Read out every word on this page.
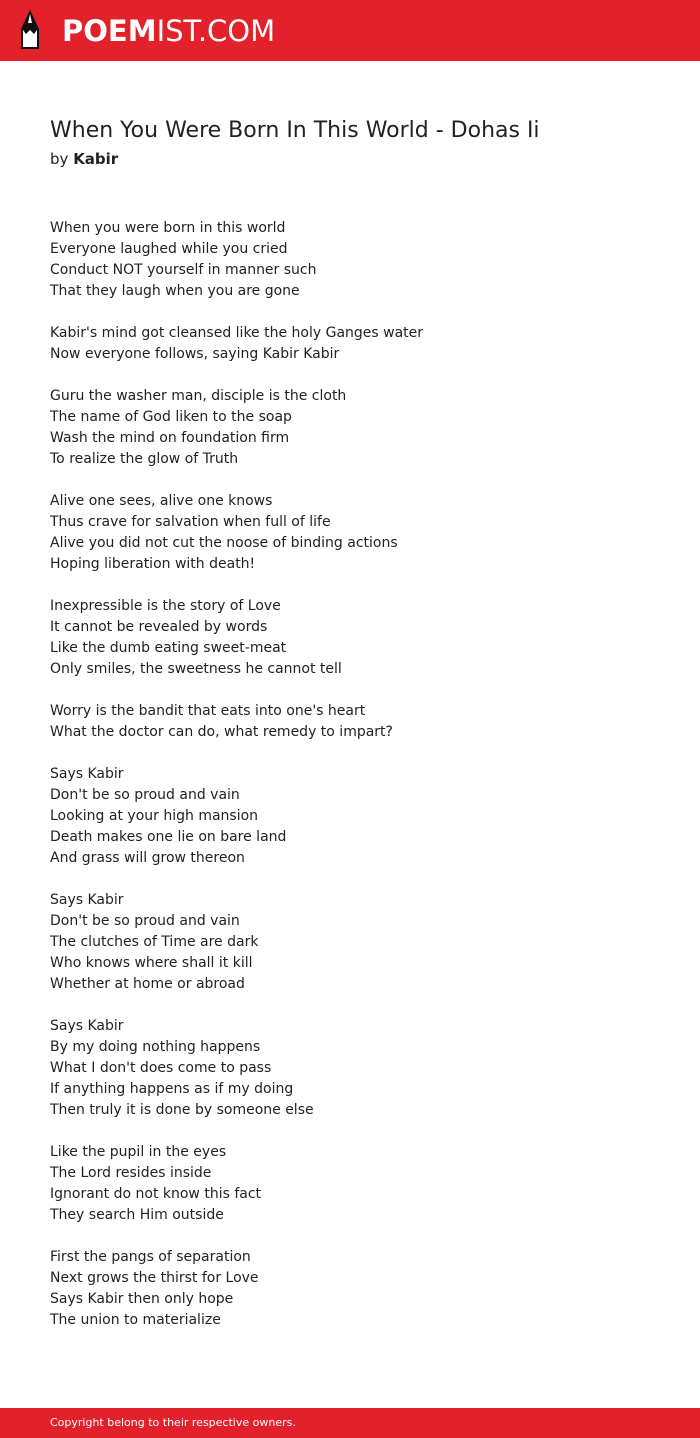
POEMIST.COM
When You Were Born In This World - Dohas Ii
by Kabir
When you were born in this world
Everyone laughed while you cried
Conduct NOT yourself in manner such
That they laugh when you are gone
Kabir's mind got cleansed like the holy Ganges water
Now everyone follows, saying Kabir Kabir
Guru the washer man, disciple is the cloth
The name of God liken to the soap
Wash the mind on foundation firm
To realize the glow of Truth
Alive one sees, alive one knows
Thus crave for salvation when full of life
Alive you did not cut the noose of binding actions
Hoping liberation with death!
Inexpressible is the story of Love
It cannot be revealed by words
Like the dumb eating sweet-meat
Only smiles, the sweetness he cannot tell
Worry is the bandit that eats into one's heart
What the doctor can do, what remedy to impart?
Says Kabir
Don't be so proud and vain
Looking at your high mansion
Death makes one lie on bare land
And grass will grow thereon
Says Kabir
Don't be so proud and vain
The clutches of Time are dark
Who knows where shall it kill
Whether at home or abroad
Says Kabir
By my doing nothing happens
What I don't does come to pass
If anything happens as if my doing
Then truly it is done by someone else
Like the pupil in the eyes
The Lord resides inside
Ignorant do not know this fact
They search Him outside
First the pangs of separation
Next grows the thirst for Love
Says Kabir then only hope
The union to materialize
Copyright belong to their respective owners.
